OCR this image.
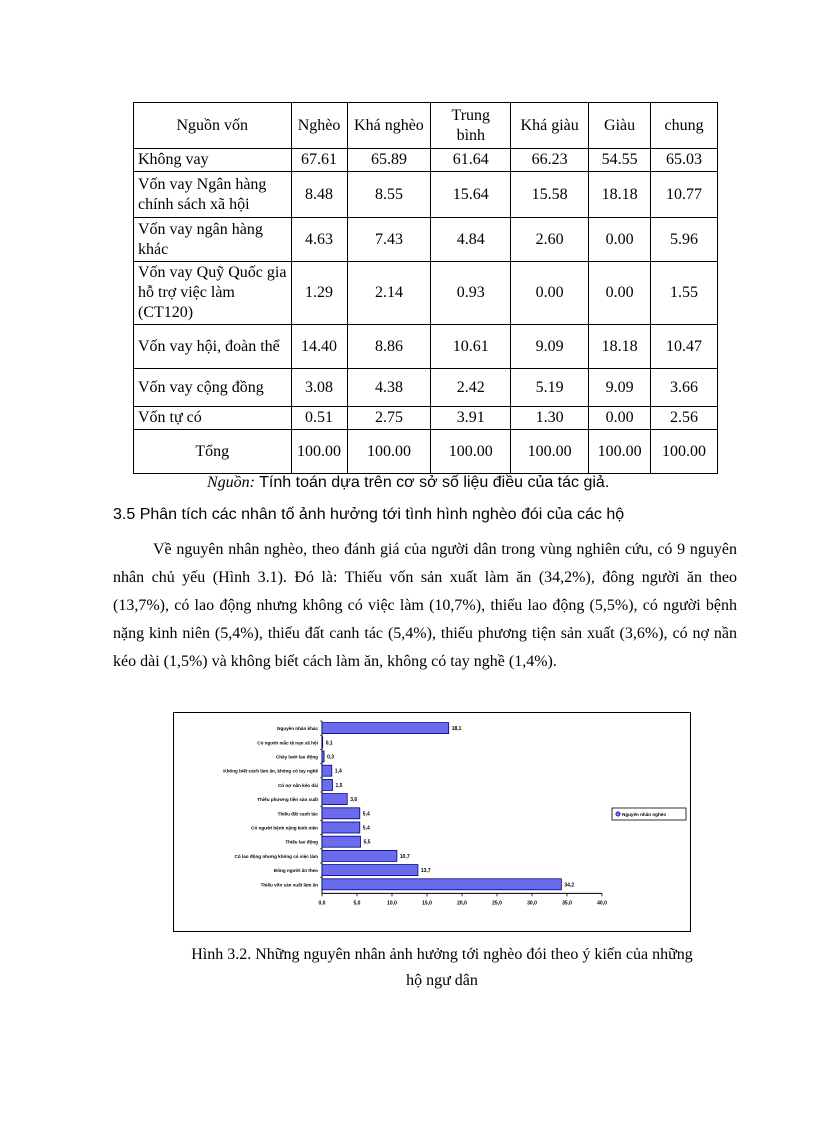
Nguồn vốn	Nghèo	Khá nghèo	Trung bình	Khá giàu	Giàu	chung
Không vay	67.61	65.89	61.64	66.23	54.55	65.03
Vốn vay Ngân hàng chính sách xã hội	8.48	8.55	15.64	15.58	18.18	10.77
Vốn vay ngân hàng khác	4.63	7.43	4.84	2.60	0.00	5.96
Vốn vay Quỹ Quốc gia hỗ trợ việc làm (CT120)	1.29	2.14	0.93	0.00	0.00	1.55
Vốn vay hội, đoàn thể	14.40	8.86	10.61	9.09	18.18	10.47
Vốn vay cộng đồng	3.08	4.38	2.42	5.19	9.09	3.66
Vốn tự có	0.51	2.75	3.91	1.30	0.00	2.56
Tổng	100.00	100.00	100.00	100.00	100.00	100.00
Nguồn: Tính toán dựa trên cơ sở số liệu điều của tác giả.
3.5 Phân tích các nhân tố ảnh hưởng tới tình hình nghèo đói của các hộ
Về nguyên nhân nghèo, theo đánh giá của người dân trong vùng nghiên cứu, có 9 nguyên nhân chủ yếu (Hình 3.1). Đó là: Thiếu vốn sản xuất làm ăn (34,2%), đông người ăn theo (13,7%), có lao động nhưng không có việc làm (10,7%), thiếu lao động (5,5%), có người bệnh nặng kinh niên (5,4%), thiếu đất canh tác (5,4%), thiếu phương tiện sản xuất (3,6%), có nợ nần kéo dài (1,5%) và không biết cách làm ăn, không có tay nghề (1,4%).
Nguyên nhân khác	18,1
Có người mắc tệ nạn xã hội 0,1
Chây lười lao động 0,3
Không biết cách làm ăn, không có tay nghề	1,4
Có nợ nần kéo dài	1,5
Thiếu phương tiện sản xuất	3,6
Thiếu đất canh tác	5,4
Có người bệnh nặng kinh niên	5,4
Thiếu lao động	5,5
Có lao động nhưng không có việc làm	10,7
Đông người ăn theo	13,7
Thiếu vốn sản xuất làm ăn	34,2
0,0	5,0	10,0	15,0	20,0	25,0	30,0	35,0	40,0
Nguyên nhân nghèo
Hình 3.2. Những nguyên nhân ảnh hưởng tới nghèo đói theo ý kiến của những
hộ ngư dân
